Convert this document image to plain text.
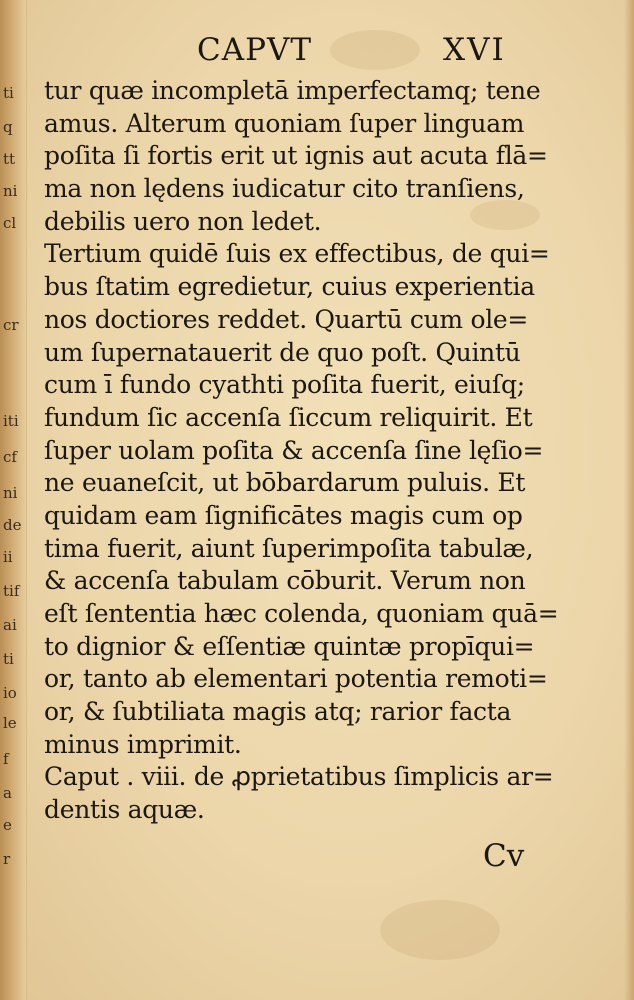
ti
q
tt
ni
cl
cr
iti
cf
ni
de
ii
tif
ai
ti
io
le
f
a
e
r
CAPVT	XVI
tur quæ incompletā imperfectamq; tene
amus. Alterum quoniam ſuper linguam
poſita ſi fortis erit ut ignis aut acuta flā=
ma non lędens iudicatur cito tranſiens,
debilis uero non ledet.
Tertium quidē ſuis ex effectibus, de qui=
bus ſtatim egredietur, cuius experientia
nos doctiores reddet. Quartū cum ole=
um ſupernatauerit de quo poſt. Quintū
cum ī fundo cyathti poſita fuerit, eiuſq;
fundum ſic accenſa ſiccum reliquirit. Et
ſuper uolam poſita & accenſa ſine lęſio=
ne euaneſcit, ut bōbardarum puluis. Et
quidam eam ſignificātes magis cum op
tima fuerit, aiunt ſuperimpoſita tabulæ,
& accenſa tabulam cōburit. Verum non
eſt ſententia hæc colenda, quoniam quā=
to dignior & eſſentiæ quintæ propīqui=
or, tanto ab elementari potentia remoti=
or, & ſubtiliata magis atq; rarior facta
minus imprimit.
Caput . viii. de ꝓprietatibus ſimplicis ar=
dentis aquæ.
Cv
